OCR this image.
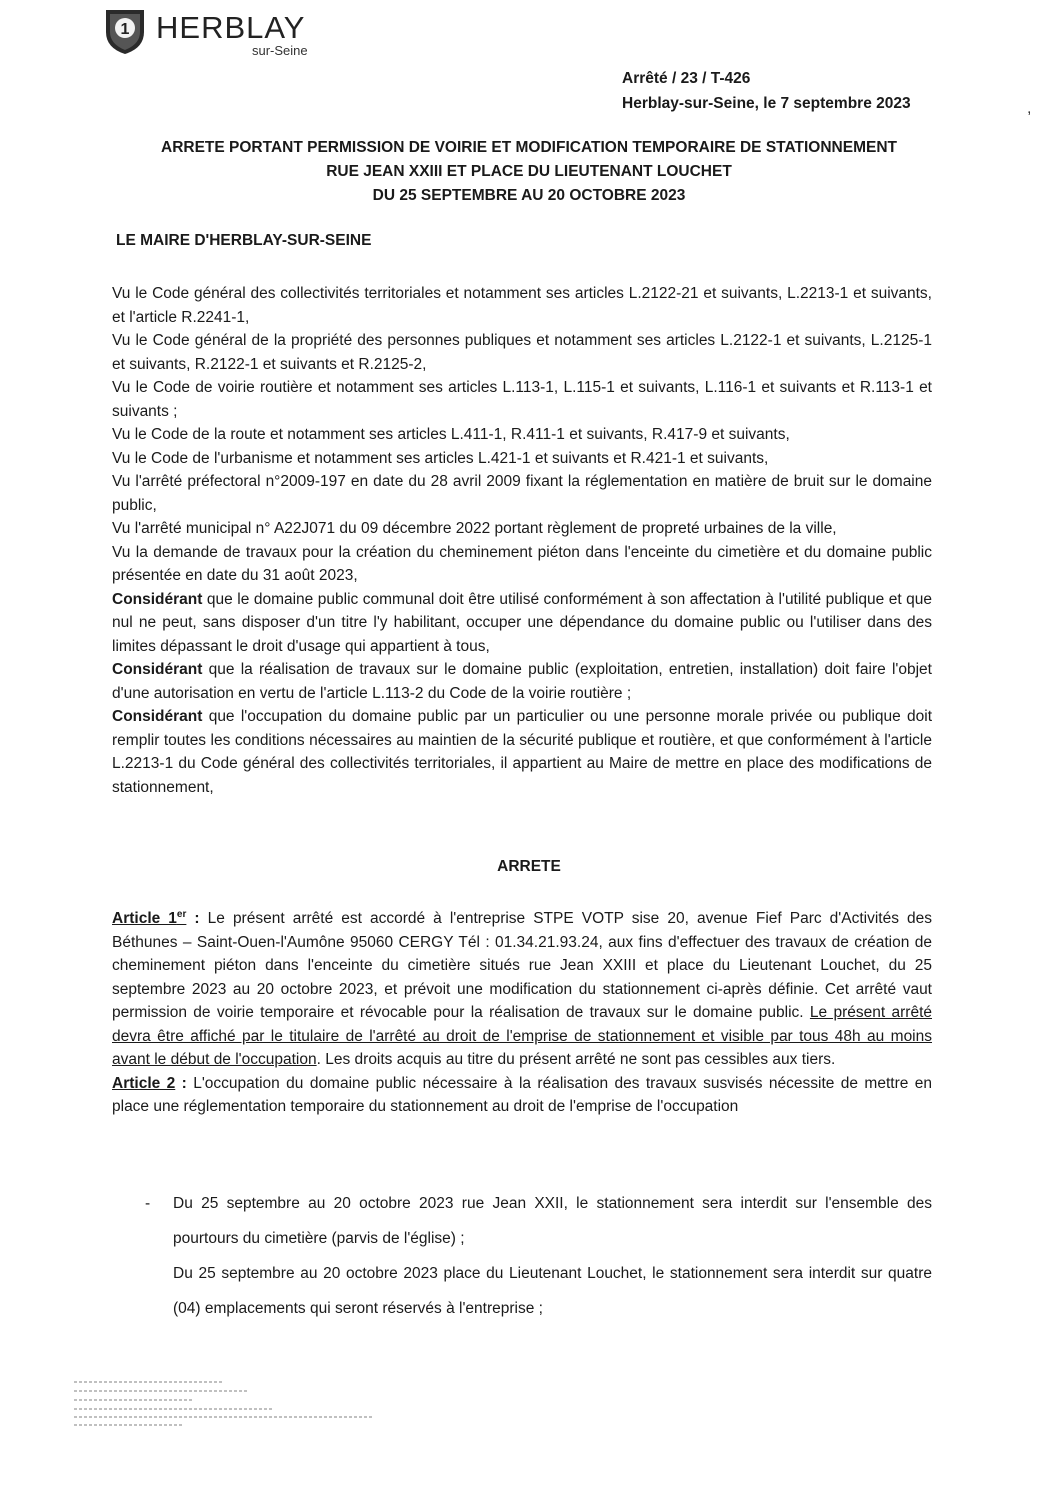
1 HERBLAY
sur-Seine
Arrêté / 23 / T-426
Herblay-sur-Seine, le 7 septembre 2023	,
ARRETE PORTANT PERMISSION DE VOIRIE ET MODIFICATION TEMPORAIRE DE STATIONNEMENT
RUE JEAN XXIII ET PLACE DU LIEUTENANT LOUCHET
DU 25 SEPTEMBRE AU 20 OCTOBRE 2023
LE MAIRE D'HERBLAY-SUR-SEINE

Vu le Code général des collectivités territoriales et notamment ses articles L.2122-21 et suivants, L.2213-1 et suivants, et l'article R.2241-1,

Vu le Code général de la propriété des personnes publiques et notamment ses articles L.2122-1 et suivants, L.2125-1 et suivants, R.2122-1 et suivants et R.2125-2,

Vu le Code de voirie routière et notamment ses articles L.113-1, L.115-1 et suivants, L.116-1 et suivants et R.113-1 et suivants ;

Vu le Code de la route et notamment ses articles L.411-1, R.411-1 et suivants, R.417-9 et suivants,

Vu le Code de l'urbanisme et notamment ses articles L.421-1 et suivants et R.421-1 et suivants,

Vu l'arrêté préfectoral n°2009-197 en date du 28 avril 2009 fixant la réglementation en matière de bruit sur le domaine public,

Vu l'arrêté municipal n° A22J071 du 09 décembre 2022 portant règlement de propreté urbaines de la ville,

Vu la demande de travaux pour la création du cheminement piéton dans l'enceinte du cimetière et du domaine public présentée en date du 31 août 2023,

Considérant que le domaine public communal doit être utilisé conformément à son affectation à l'utilité publique et que nul ne peut, sans disposer d'un titre l'y habilitant, occuper une dépendance du domaine public ou l'utiliser dans des limites dépassant le droit d'usage qui appartient à tous,

Considérant que la réalisation de travaux sur le domaine public (exploitation, entretien, installation) doit faire l'objet d'une autorisation en vertu de l'article L.113-2 du Code de la voirie routière ;

Considérant que l'occupation du domaine public par un particulier ou une personne morale privée ou publique doit remplir toutes les conditions nécessaires au maintien de la sécurité publique et routière, et que conformément à l'article L.2213-1 du Code général des collectivités territoriales, il appartient au Maire de mettre en place des modifications de stationnement,

ARRETE

Article 1er : Le présent arrêté est accordé à l'entreprise STPE VOTP sise 20, avenue Fief Parc d'Activités des Béthunes – Saint-Ouen-l'Aumône 95060 CERGY Tél : 01.34.21.93.24, aux fins d'effectuer des travaux de création de cheminement piéton dans l'enceinte du cimetière situés rue Jean XXIII et place du Lieutenant Louchet, du 25 septembre 2023 au 20 octobre 2023, et prévoit une modification du stationnement ci-après définie. Cet arrêté vaut permission de voirie temporaire et révocable pour la réalisation de travaux sur le domaine public. Le présent arrêté devra être affiché par le titulaire de l'arrêté au droit de l'emprise de stationnement et visible par tous 48h au moins avant le début de l'occupation. Les droits acquis au titre du présent arrêté ne sont pas cessibles aux tiers.

Article 2 : L'occupation du domaine public nécessaire à la réalisation des travaux susvisés nécessite de mettre en place une réglementation temporaire du stationnement au droit de l'emprise de l'occupation

- Du 25 septembre au 20 octobre 2023 rue Jean XXII, le stationnement sera interdit sur l'ensemble des pourtours du cimetière (parvis de l'église) ;
Du 25 septembre au 20 octobre 2023 place du Lieutenant Louchet, le stationnement sera interdit sur quatre (04) emplacements qui seront réservés à l'entreprise ;
